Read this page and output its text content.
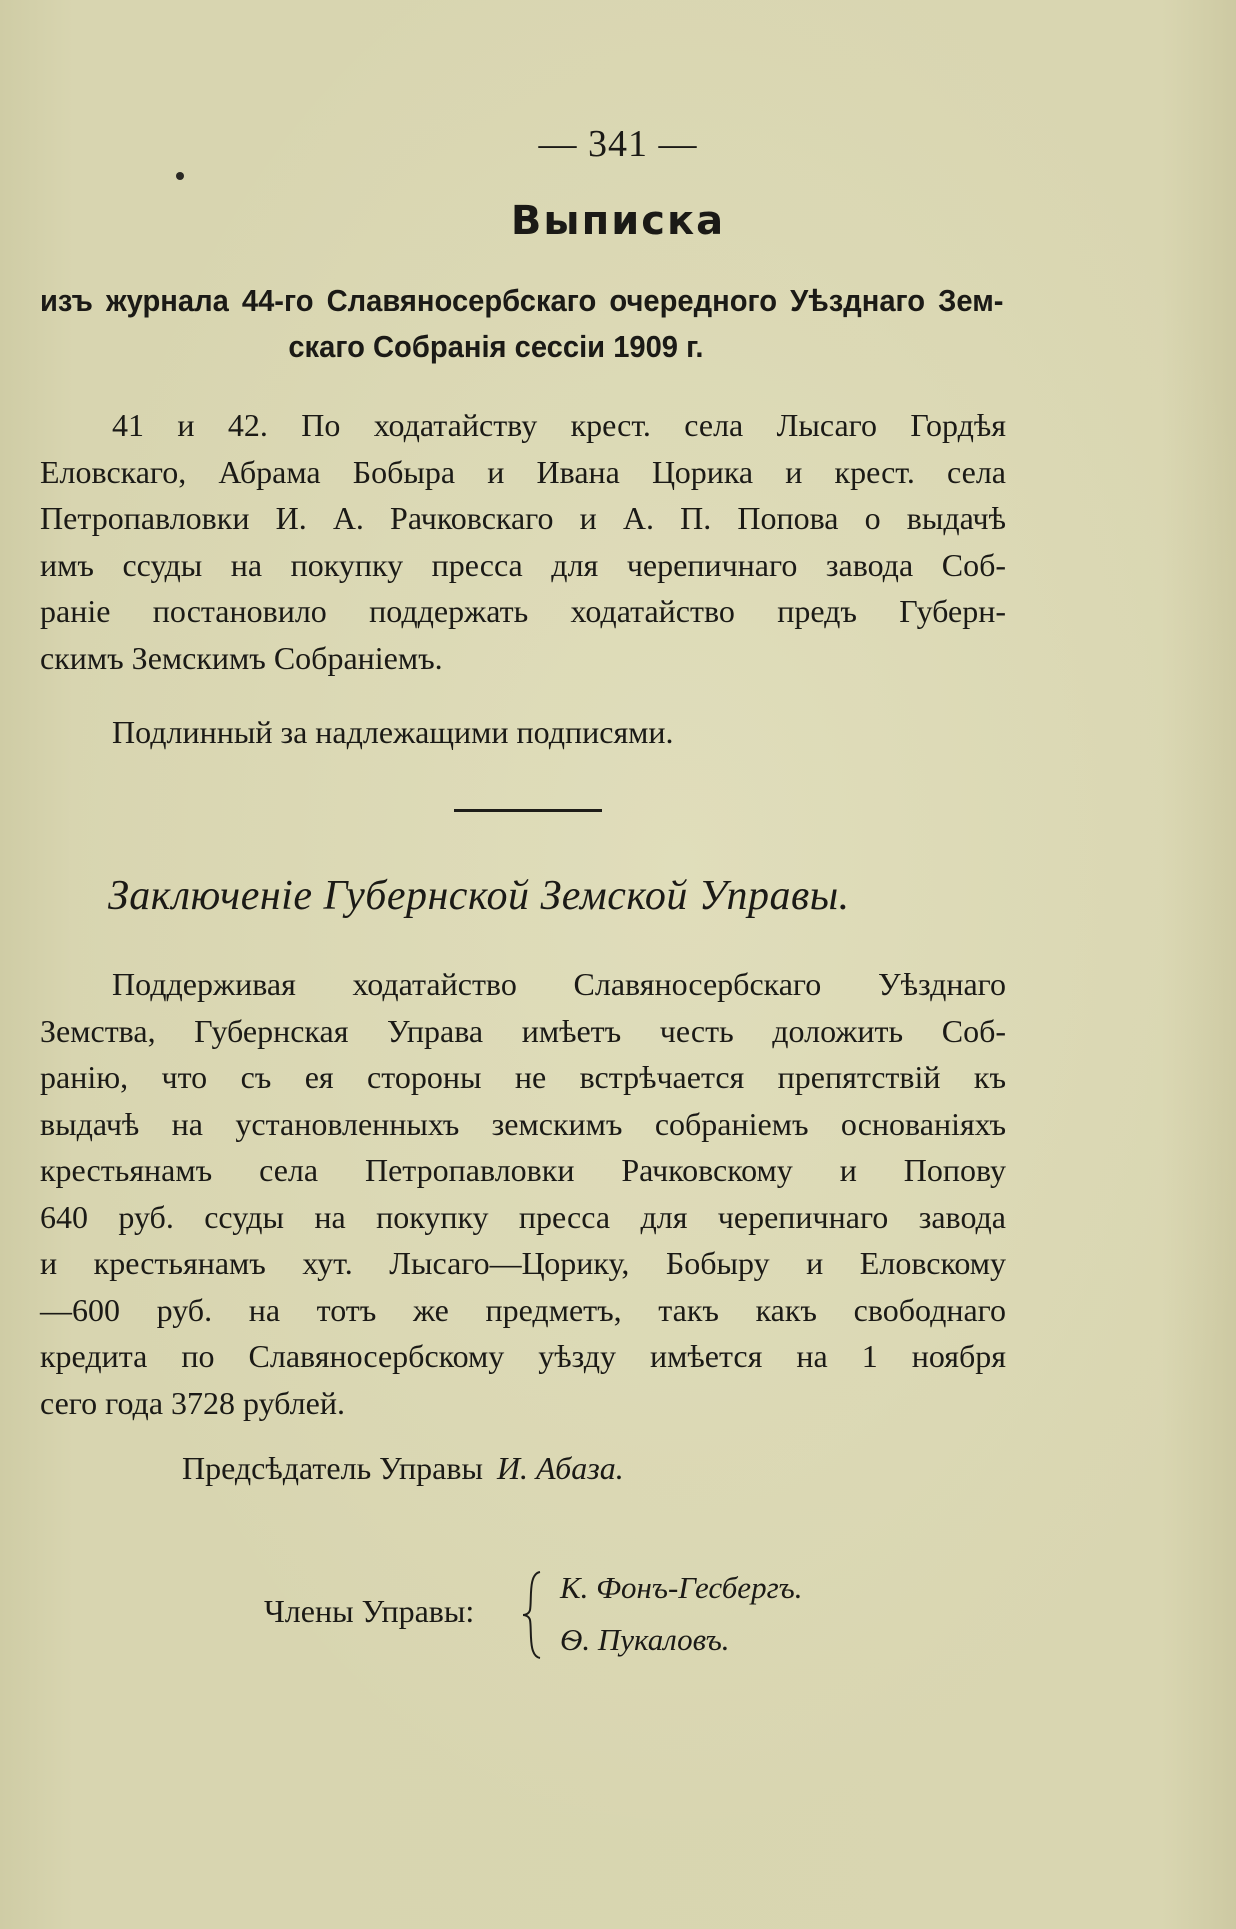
— 341 —
Выписка
изъ журнала 44-го Славяносербскаго очередного Уѣзднаго Зем-
скаго Собранія сессіи 1909 г.
41 и 42. По ходатайству крест. села Лысаго Гордѣя
Еловскаго, Абрама Бобыра и Ивана Цорика и крест. села
Петропавловки И. А. Рачковскаго и А. П. Попова о выдачѣ
имъ ссуды на покупку пресса для черепичнаго завода Соб-
раніе постановило поддержать ходатайство предъ Губерн-
скимъ Земскимъ Собраніемъ.
Подлинный за надлежащими подписями.
Заключеніе Губернской Земской Управы.
Поддерживая ходатайство Славяносербскаго Уѣзднаго
Земства, Губернская Управа имѣетъ честь доложить Соб-
ранію, что съ ея стороны не встрѣчается препятствій къ
выдачѣ на установленныхъ земскимъ собраніемъ основаніяхъ
крестьянамъ села Петропавловки Рачковскому и Попову
640 руб. ссуды на покупку пресса для черепичнаго завода
и крестьянамъ хут. Лысаго—Цорику, Бобыру и Еловскому
—600 руб. на тотъ же предметъ, такъ какъ свободнаго
кредита по Славяносербскому уѣзду имѣется на 1 ноября
сего года 3728 рублей.
Предсѣдатель Управы И. Абаза.
Члены Управы:
К. Фонъ-Гесбергъ.
Ѳ. Пукаловъ.
